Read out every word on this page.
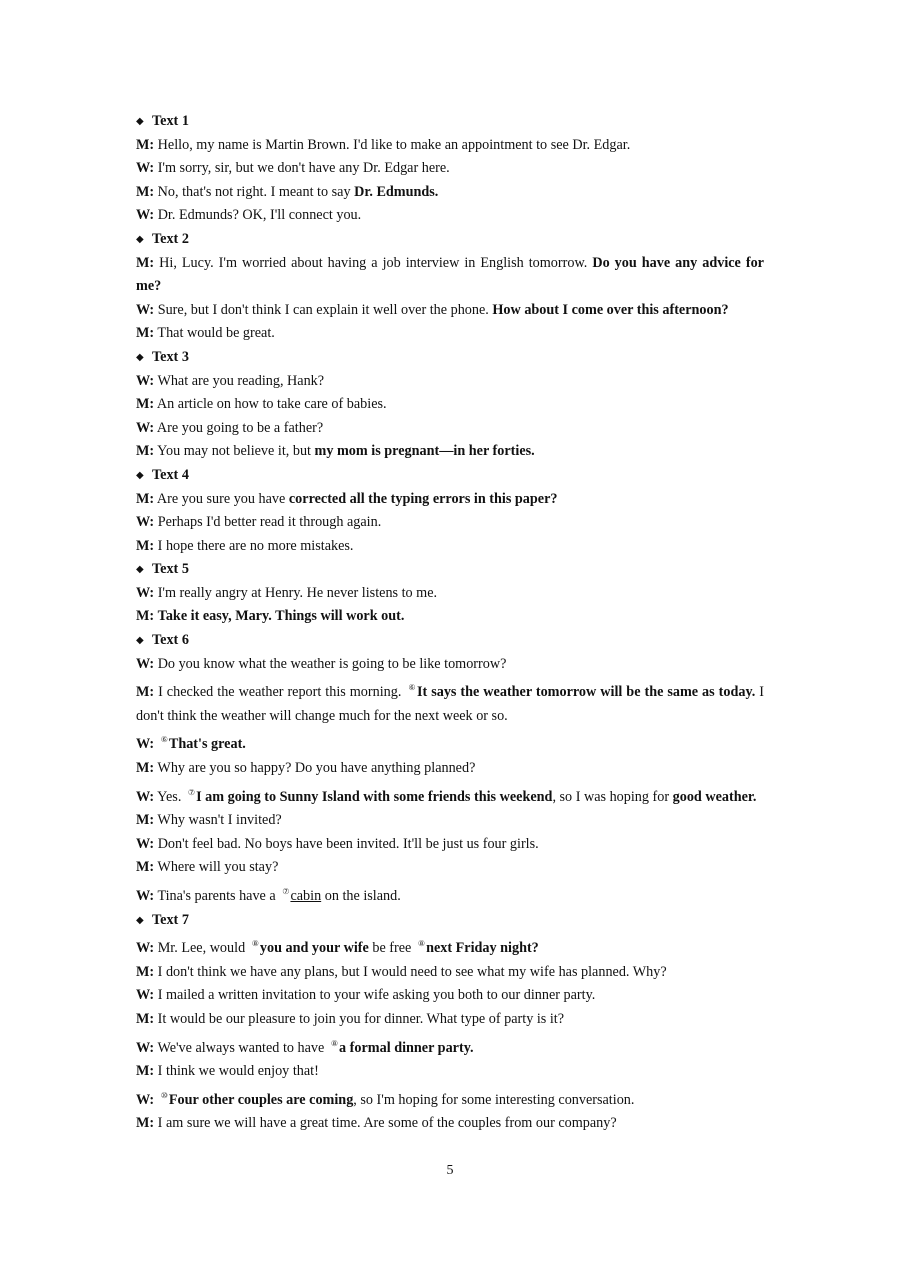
◆ Text 1

M: Hello, my name is Martin Brown. I'd like to make an appointment to see Dr. Edgar.

W: I'm sorry, sir, but we don't have any Dr. Edgar here.

M: No, that's not right. I meant to say Dr. Edmunds.

W: Dr. Edmunds? OK, I'll connect you.

◆ Text 2

M: Hi, Lucy. I'm worried about having a job interview in English tomorrow. Do you have any advice for me?

W: Sure, but I don't think I can explain it well over the phone. How about I come over this afternoon?

M: That would be great.

◆ Text 3

W: What are you reading, Hank?

M: An article on how to take care of babies.

W: Are you going to be a father?

M: You may not believe it, but my mom is pregnant—in her forties.

◆ Text 4

M: Are you sure you have corrected all the typing errors in this paper?

W: Perhaps I'd better read it through again.

M: I hope there are no more mistakes.

◆ Text 5

W: I'm really angry at Henry. He never listens to me.

M: Take it easy, Mary. Things will work out.

◆ Text 6

W: Do you know what the weather is going to be like tomorrow?

M: I checked the weather report this morning. ⑥It says the weather tomorrow will be the same as today. I don't think the weather will change much for the next week or so.

W: ⑥That's great.

M: Why are you so happy? Do you have anything planned?

W: Yes. ⑦I am going to Sunny Island with some friends this weekend, so I was hoping for good weather.

M: Why wasn't I invited?

W: Don't feel bad. No boys have been invited. It'll be just us four girls.

M: Where will you stay?

W: Tina's parents have a ⑦cabin on the island.

◆ Text 7

W: Mr. Lee, would ⑧you and your wife be free ⑧next Friday night?

M: I don't think we have any plans, but I would need to see what my wife has planned. Why?

W: I mailed a written invitation to your wife asking you both to our dinner party.

M: It would be our pleasure to join you for dinner. What type of party is it?

W: We've always wanted to have ⑧a formal dinner party.

M: I think we would enjoy that!

W: ⑩Four other couples are coming, so I'm hoping for some interesting conversation.

M: I am sure we will have a great time. Are some of the couples from our company?

5
